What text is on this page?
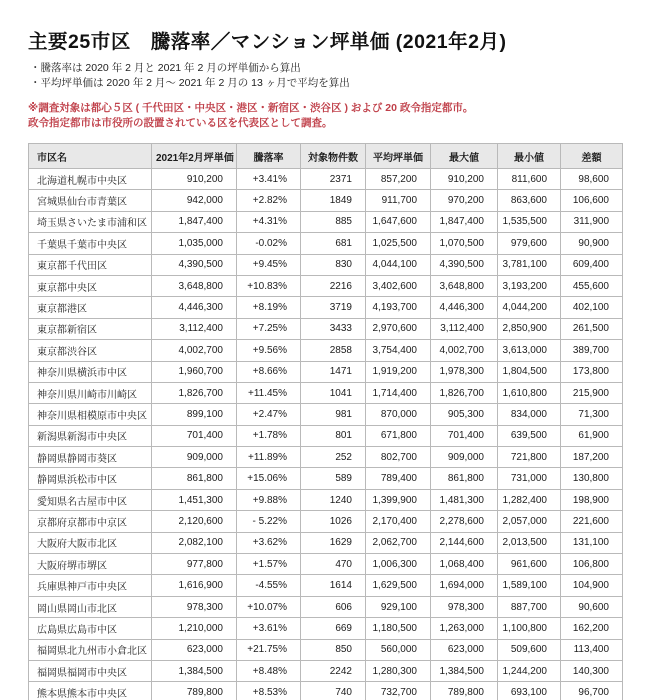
主要25市区　騰落率／マンション坪単価 (2021年2月)
・騰落率は 2020 年 2 月と 2021 年 2 月の坪単価から算出
・平均坪単価は 2020 年 2 月～ 2021 年 2 月の 13 ヶ月で平均を算出
※調査対象は都心５区 ( 千代田区・中央区・港区・新宿区・渋谷区 ) および 20 政令指定都市。
政令指定都市は市役所の設置されている区を代表区として調査。
市区名	2021年2月坪単価	騰落率	対象物件数	平均坪単価	最大値	最小値	差額
北海道札幌市中央区	910,200	+3.41%	2371	857,200	910,200	811,600	98,600
宮城県仙台市青葉区	942,000	+2.82%	1849	911,700	970,200	863,600	106,600
埼玉県さいたま市浦和区	1,847,400	+4.31%	885	1,647,600	1,847,400	1,535,500	311,900
千葉県千葉市中央区	1,035,000	-0.02%	681	1,025,500	1,070,500	979,600	90,900
東京都千代田区	4,390,500	+9.45%	830	4,044,100	4,390,500	3,781,100	609,400
東京都中央区	3,648,800	+10.83%	2216	3,402,600	3,648,800	3,193,200	455,600
東京都港区	4,446,300	+8.19%	3719	4,193,700	4,446,300	4,044,200	402,100
東京都新宿区	3,112,400	+7.25%	3433	2,970,600	3,112,400	2,850,900	261,500
東京都渋谷区	4,002,700	+9.56%	2858	3,754,400	4,002,700	3,613,000	389,700
神奈川県横浜市中区	1,960,700	+8.66%	1471	1,919,200	1,978,300	1,804,500	173,800
神奈川県川崎市川崎区	1,826,700	+11.45%	1041	1,714,400	1,826,700	1,610,800	215,900
神奈川県相模原市中央区	899,100	+2.47%	981	870,000	905,300	834,000	71,300
新潟県新潟市中央区	701,400	+1.78%	801	671,800	701,400	639,500	61,900
静岡県静岡市葵区	909,000	+11.89%	252	802,700	909,000	721,800	187,200
静岡県浜松市中区	861,800	+15.06%	589	789,400	861,800	731,000	130,800
愛知県名古屋市中区	1,451,300	+9.88%	1240	1,399,900	1,481,300	1,282,400	198,900
京都府京都市中京区	2,120,600	- 5.22%	1026	2,170,400	2,278,600	2,057,000	221,600
大阪府大阪市北区	2,082,100	+3.62%	1629	2,062,700	2,144,600	2,013,500	131,100
大阪府堺市堺区	977,800	+1.57%	470	1,006,300	1,068,400	961,600	106,800
兵庫県神戸市中央区	1,616,900	-4.55%	1614	1,629,500	1,694,000	1,589,100	104,900
岡山県岡山市北区	978,300	+10.07%	606	929,100	978,300	887,700	90,600
広島県広島市中区	1,210,000	+3.61%	669	1,180,500	1,263,000	1,100,800	162,200
福岡県北九州市小倉北区	623,000	+21.75%	850	560,000	623,000	509,600	113,400
福岡県福岡市中央区	1,384,500	+8.48%	2242	1,280,300	1,384,500	1,244,200	140,300
熊本県熊本市中央区	789,800	+8.53%	740	732,700	789,800	693,100	96,700
